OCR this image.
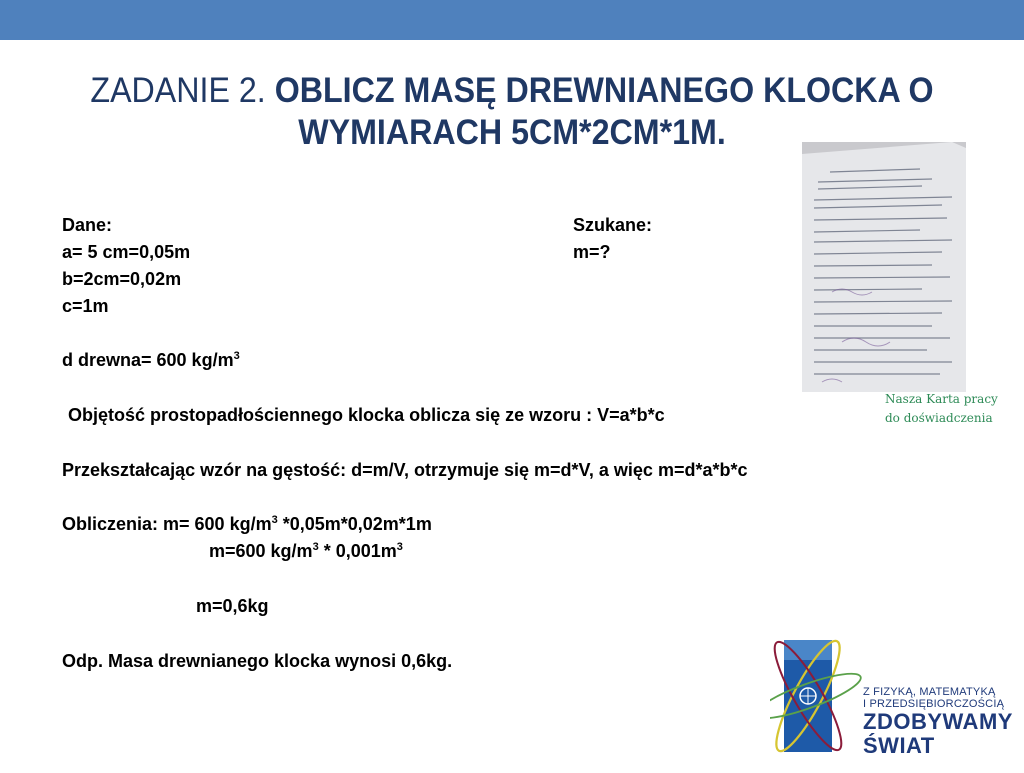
ZADANIE 2. OBLICZ MASĘ DREWNIANEGO KLOCKA O WYMIARACH 5CM*2CM*1M.
Dane:
a= 5 cm=0,05m
b=2cm=0,02m
c=1m
d drewna= 600 $kg/m^3$
Szukane:
m=?
Objętość prostopadłościennego klocka oblicza się ze wzoru : V=a*b*c
Przekształcając wzór na gęstość: d=m/V, otrzymuje się m=d*V, a więc m=d*a*b*c
Obliczenia: m= 600 $kg/m^3$ *0,05m*0,02m*1m
m=600 $kg/m^3 * 0,001m^3$
m=0,6kg
Odp. Masa drewnianego klocka wynosi 0,6kg.
Nasza Karta pracy do doświadczenia
Z FIZYKĄ, MATEMATYKĄ
I PRZEDSIĘBIORCZOŚCIĄ
ZDOBYWAMY
ŚWIAT
